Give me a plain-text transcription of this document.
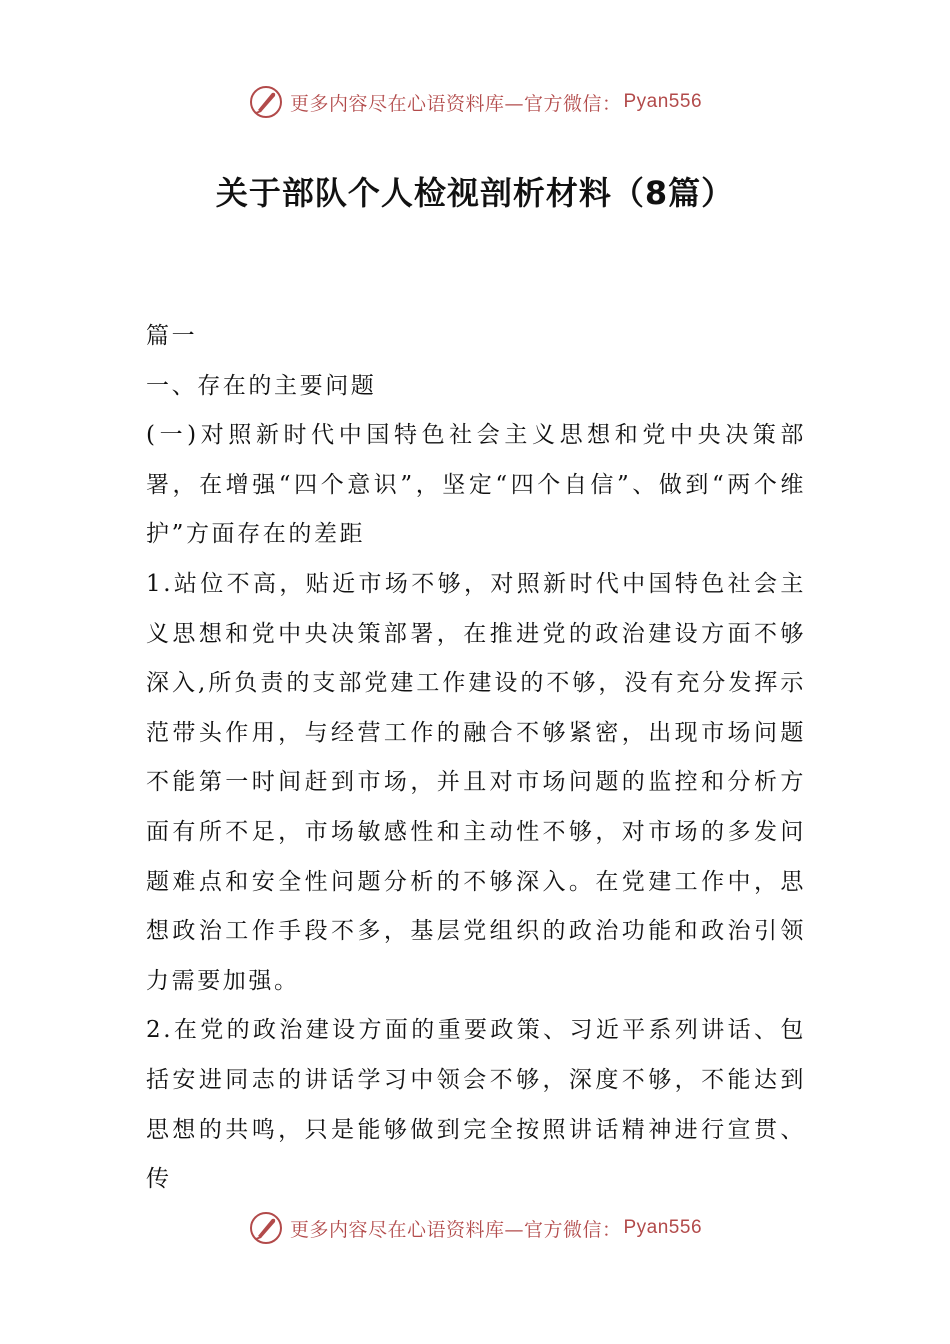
更多内容尽在心语资料库—官方微信： Pyan556
关于部队个人检视剖析材料（8篇）

篇一

一、存在的主要问题

(一)对照新时代中国特色社会主义思想和党中央决策部署，在增强“四个意识”，坚定“四个自信”、做到“两个维护”方面存在的差距

1.站位不高，贴近市场不够，对照新时代中国特色社会主义思想和党中央决策部署，在推进党的政治建设方面不够深入,所负责的支部党建工作建设的不够，没有充分发挥示范带头作用，与经营工作的融合不够紧密，出现市场问题不能第一时间赶到市场，并且对市场问题的监控和分析方面有所不足，市场敏感性和主动性不够，对市场的多发问题难点和安全性问题分析的不够深入。在党建工作中，思想政治工作手段不多，基层党组织的政治功能和政治引领力需要加强。

2.在党的政治建设方面的重要政策、习近平系列讲话、包括安进同志的讲话学习中领会不够，深度不够，不能达到思想的共鸣，只是能够做到完全按照讲话精神进行宣贯、传

更多内容尽在心语资料库—官方微信： Pyan556
